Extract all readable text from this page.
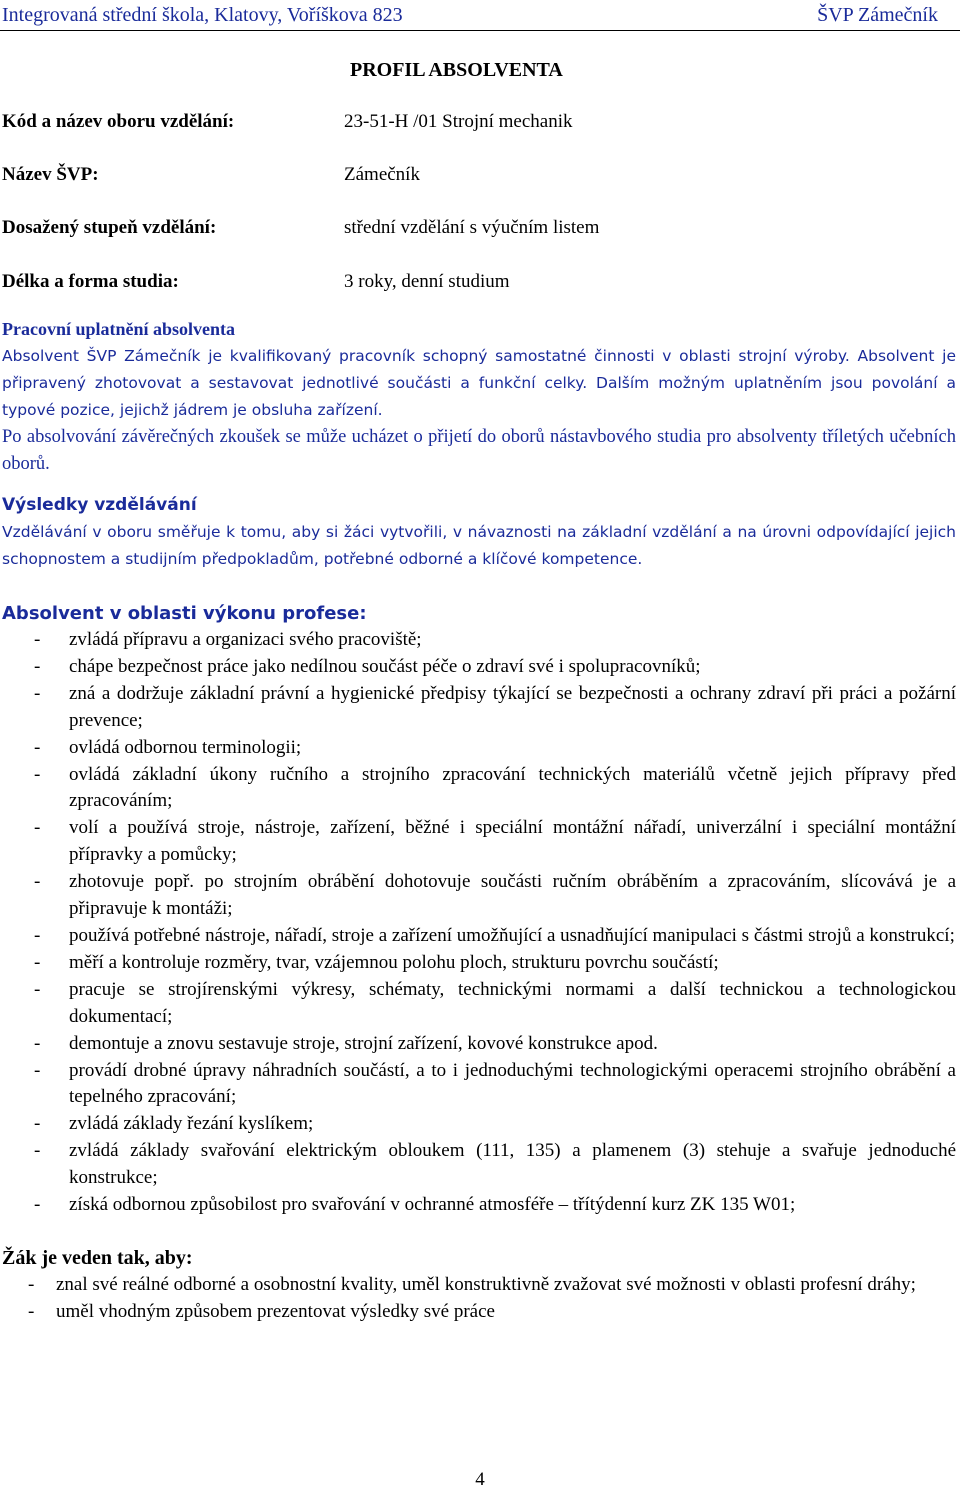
Integrovaná střední škola, Klatovy, Voříškova 823	ŠVP Zámečník
PROFIL ABSOLVENTA
Kód a název oboru vzdělání:	23-51-H /01 Strojní mechanik
Název ŠVP:	Zámečník
Dosažený stupeň vzdělání:	střední vzdělání s výučním listem
Délka a forma studia:	3 roky, denní studium

Pracovní uplatnění absolventa

Absolvent ŠVP Zámečník je kvalifikovaný pracovník schopný samostatné činnosti v oblasti strojní výroby. Absolvent je připravený zhotovovat a sestavovat jednotlivé součásti a funkční celky. Dalším možným uplatněním jsou povolání a typové pozice, jejichž jádrem je obsluha zařízení.

Po absolvování závěrečných zkoušek se může ucházet o přijetí do oborů nástavbového studia pro absolventy tříletých učebních oborů.

Výsledky vzdělávání

Vzdělávání v oboru směřuje k tomu, aby si žáci vytvořili, v návaznosti na základní vzdělání a na úrovni odpovídající jejich schopnostem a studijním předpokladům, potřebné odborné a klíčové kompetence.

Absolvent v oblasti výkonu profese:

- zvládá přípravu a organizaci svého pracoviště;
- chápe bezpečnost práce jako nedílnou součást péče o zdraví své i spolupracovníků;
- zná a dodržuje základní právní a hygienické předpisy týkající se bezpečnosti a ochrany zdraví při práci a požární prevence;
- ovládá odbornou terminologii;
- ovládá základní úkony ručního a strojního zpracování technických materiálů včetně jejich přípravy před zpracováním;
- volí a používá stroje, nástroje, zařízení, běžné i speciální montážní nářadí, univerzální i speciální montážní přípravky a pomůcky;
- zhotovuje popř. po strojním obrábění dohotovuje součásti ručním obráběním a zpracováním, slícovává je a připravuje k montáži;
- používá potřebné nástroje, nářadí, stroje a zařízení umožňující a usnadňující manipulaci s částmi strojů a konstrukcí;
- měří a kontroluje rozměry, tvar, vzájemnou polohu ploch, strukturu povrchu součástí;
- pracuje se strojírenskými výkresy, schématy, technickými normami a další technickou a technologickou dokumentací;
- demontuje a znovu sestavuje stroje, strojní zařízení, kovové konstrukce apod.
- provádí drobné úpravy náhradních součástí, a to i jednoduchými technologickými operacemi strojního obrábění a tepelného zpracování;
- zvládá základy řezání kyslíkem;
- zvládá základy svařování elektrickým obloukem (111, 135) a plamenem (3) stehuje a svařuje jednoduché konstrukce;
- získá odbornou způsobilost pro svařování v ochranné atmosféře – třítýdenní kurz ZK 135 W01;

Žák je veden tak, aby:

- znal své reálné odborné a osobnostní kvality, uměl konstruktivně zvažovat své možnosti v oblasti profesní dráhy;
- uměl vhodným způsobem prezentovat výsledky své práce
4
